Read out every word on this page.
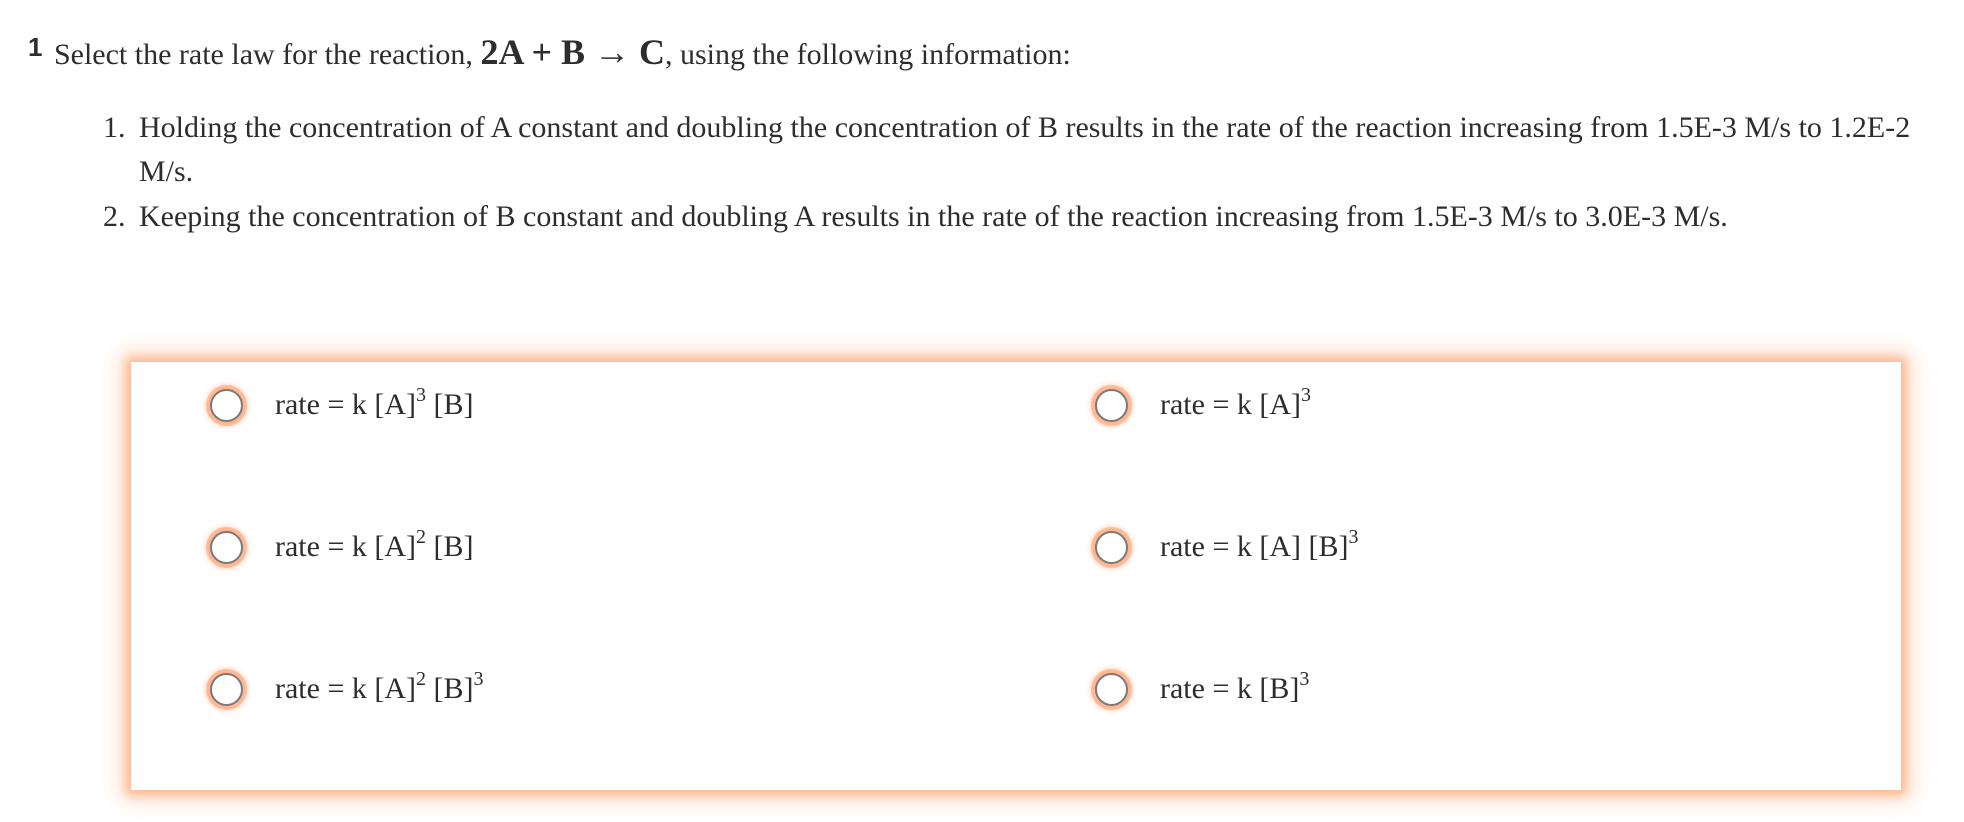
1 Select the rate law for the reaction, 2A + B → C, using the following information:
1. Holding the concentration of A constant and doubling the concentration of B results in the rate of the reaction increasing from 1.5E-3 M/s to 1.2E-2 M/s.
2. Keeping the concentration of B constant and doubling A results in the rate of the reaction increasing from 1.5E-3 M/s to 3.0E-3 M/s.
rate = k $[A]^3$ [B]	rate = k $[A]^3$
rate = k $[A]^2$ [B]	rate = k [A] $[B]^3$
rate = k $[A]^2$ $[B]^3$	rate = k $[B]^3$
